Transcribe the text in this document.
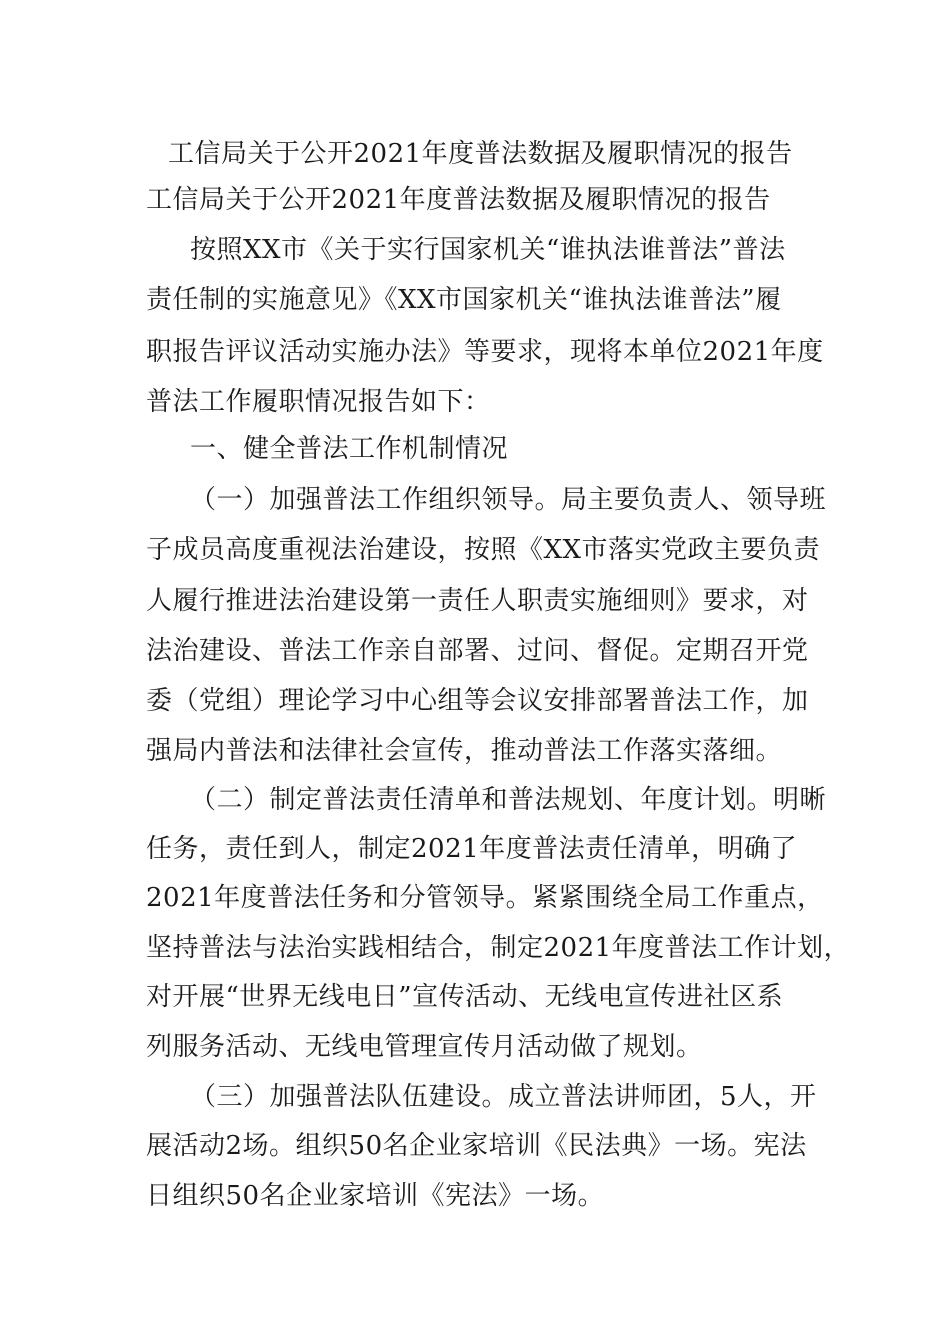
工信局关于公开2021年度普法数据及履职情况的报告
工信局关于公开2021年度普法数据及履职情况的报告
按照XX市《关于实行国家机关“谁执法谁普法”普法
责任制的实施意见》《XX市国家机关“谁执法谁普法”履
职报告评议活动实施办法》等要求，现将本单位2021年度
普法工作履职情况报告如下：
一、健全普法工作机制情况
（一）加强普法工作组织领导。局主要负责人、领导班
子成员高度重视法治建设，按照《XX市落实党政主要负责
人履行推进法治建设第一责任人职责实施细则》要求，对
法治建设、普法工作亲自部署、过问、督促。定期召开党
委（党组）理论学习中心组等会议安排部署普法工作，加
强局内普法和法律社会宣传，推动普法工作落实落细。
（二）制定普法责任清单和普法规划、年度计划。明晰
任务，责任到人，制定2021年度普法责任清单，明确了
2021年度普法任务和分管领导。紧紧围绕全局工作重点，
坚持普法与法治实践相结合，制定2021年度普法工作计划，
对开展“世界无线电日”宣传活动、无线电宣传进社区系
列服务活动、无线电管理宣传月活动做了规划。
（三）加强普法队伍建设。成立普法讲师团，5人，开
展活动2场。组织50名企业家培训《民法典》一场。宪法
日组织50名企业家培训《宪法》一场。
